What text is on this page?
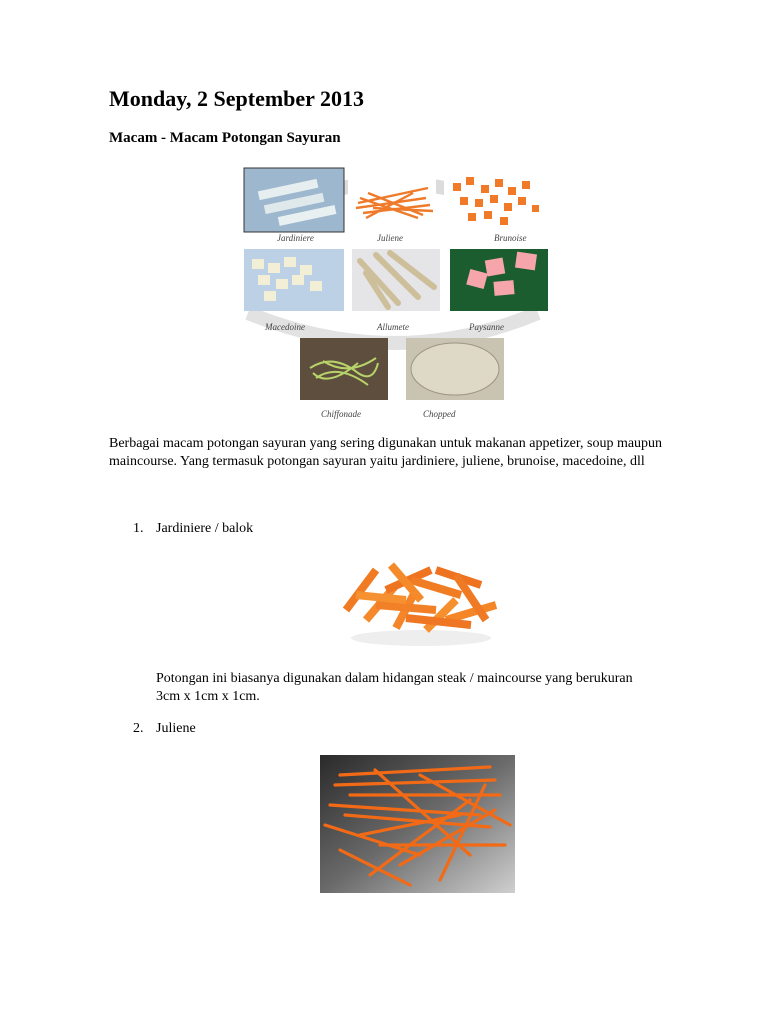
Monday, 2 September 2013
Macam - Macam Potongan Sayuran
Jardiniere	Juliene	Brunoise
Macedoine	Allumete	Paysanne
Chiffonade	Chopped

Berbagai macam potongan sayuran yang sering digunakan untuk makanan appetizer, soup maupun maincourse. Yang termasuk potongan sayuran yaitu jardiniere, juliene, brunoise, macedoine, dll

1. Jardiniere / balok

Potongan ini biasanya digunakan dalam hidangan steak / maincourse yang berukuran 3cm x 1cm x 1cm.

2. Juliene
